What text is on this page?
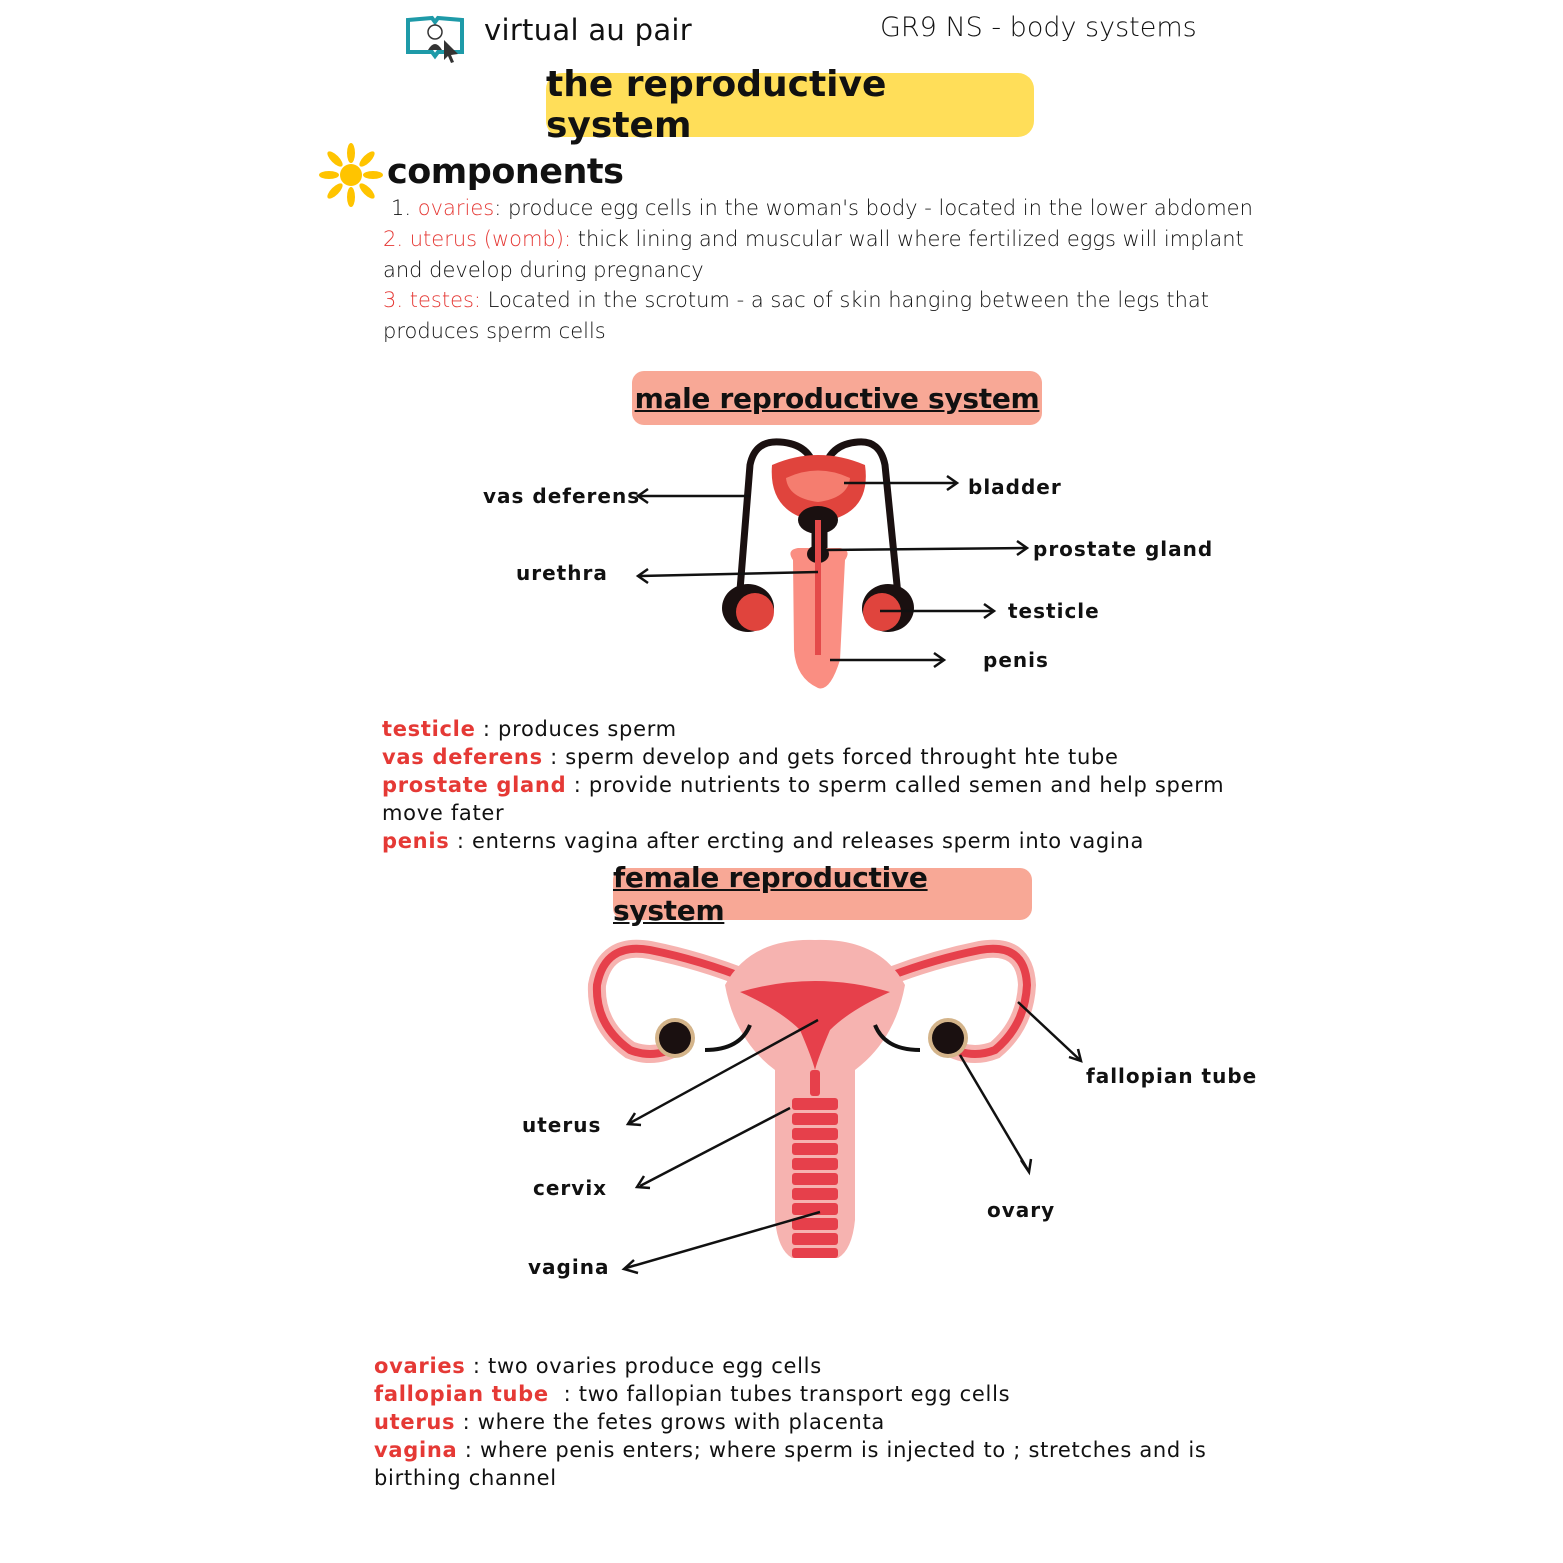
virtual au pair	GR9 NS - body systems
the reproductive system
components
1. ovaries: produce egg cells in the woman's body - located in the lower abdomen
2. uterus (womb): thick lining and muscular wall where fertilized eggs will implant and develop during pregnancy
3. testes: Located in the scrotum - a sac of skin hanging between the legs that produces sperm cells
male reproductive system
vas deferens
urethra
bladder
prostate gland
testicle
penis
testicle : produces sperm
vas deferens : sperm develop and gets forced throught hte tube
prostate gland : provide nutrients to sperm called semen and help sperm move fater
penis : enterns vagina after ercting and releases sperm into vagina
female reproductive system
uterus
cervix
vagina
fallopian tube
ovary
ovaries : two ovaries produce egg cells
fallopian tube  : two fallopian tubes transport egg cells
uterus : where the fetes grows with placenta
vagina : where penis enters; where sperm is injected to ; stretches and is birthing channel
